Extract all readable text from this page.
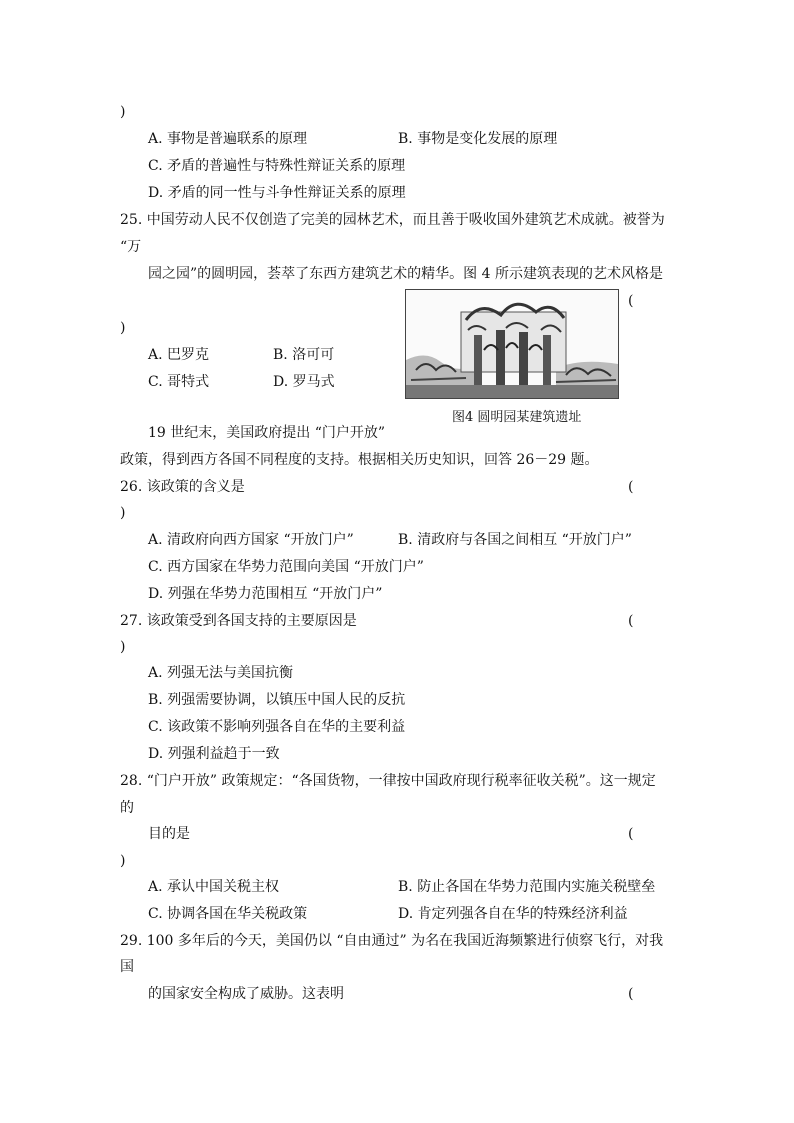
)
A. 事物是普遍联系的原理	B. 事物是变化发展的原理
C. 矛盾的普遍性与特殊性辩证关系的原理
D. 矛盾的同一性与斗争性辩证关系的原理
25. 中国劳动人民不仅创造了完美的园林艺术，而且善于吸收国外建筑艺术成就。被誉为
“万
园之园”的圆明园，荟萃了东西方建筑艺术的精华。图 4 所示建筑表现的艺术风格是
(
)
A. 巴罗克	B. 洛可可
C. 哥特式	D. 罗马式
图4 圆明园某建筑遗址
19 世纪末，美国政府提出 “门户开放”
政策，得到西方各国不同程度的支持。根据相关历史知识，回答 26－29 题。
26. 该政策的含义是	(
)
A. 清政府向西方国家 “开放门户”	B. 清政府与各国之间相互 “开放门户”
C. 西方国家在华势力范围向美国 “开放门户”
D. 列强在华势力范围相互 “开放门户”
27. 该政策受到各国支持的主要原因是	(
)
A. 列强无法与美国抗衡
B. 列强需要协调，以镇压中国人民的反抗
C. 该政策不影响列强各自在华的主要利益
D. 列强利益趋于一致
28. “门户开放” 政策规定：“各国货物，一律按中国政府现行税率征收关税”。这一规定
的
目的是	(
)
A. 承认中国关税主权	B. 防止各国在华势力范围内实施关税壁垒
C. 协调各国在华关税政策	D. 肯定列强各自在华的特殊经济利益
29. 100 多年后的今天，美国仍以 “自由通过” 为名在我国近海频繁进行侦察飞行，对我
国
的国家安全构成了威胁。这表明	(
